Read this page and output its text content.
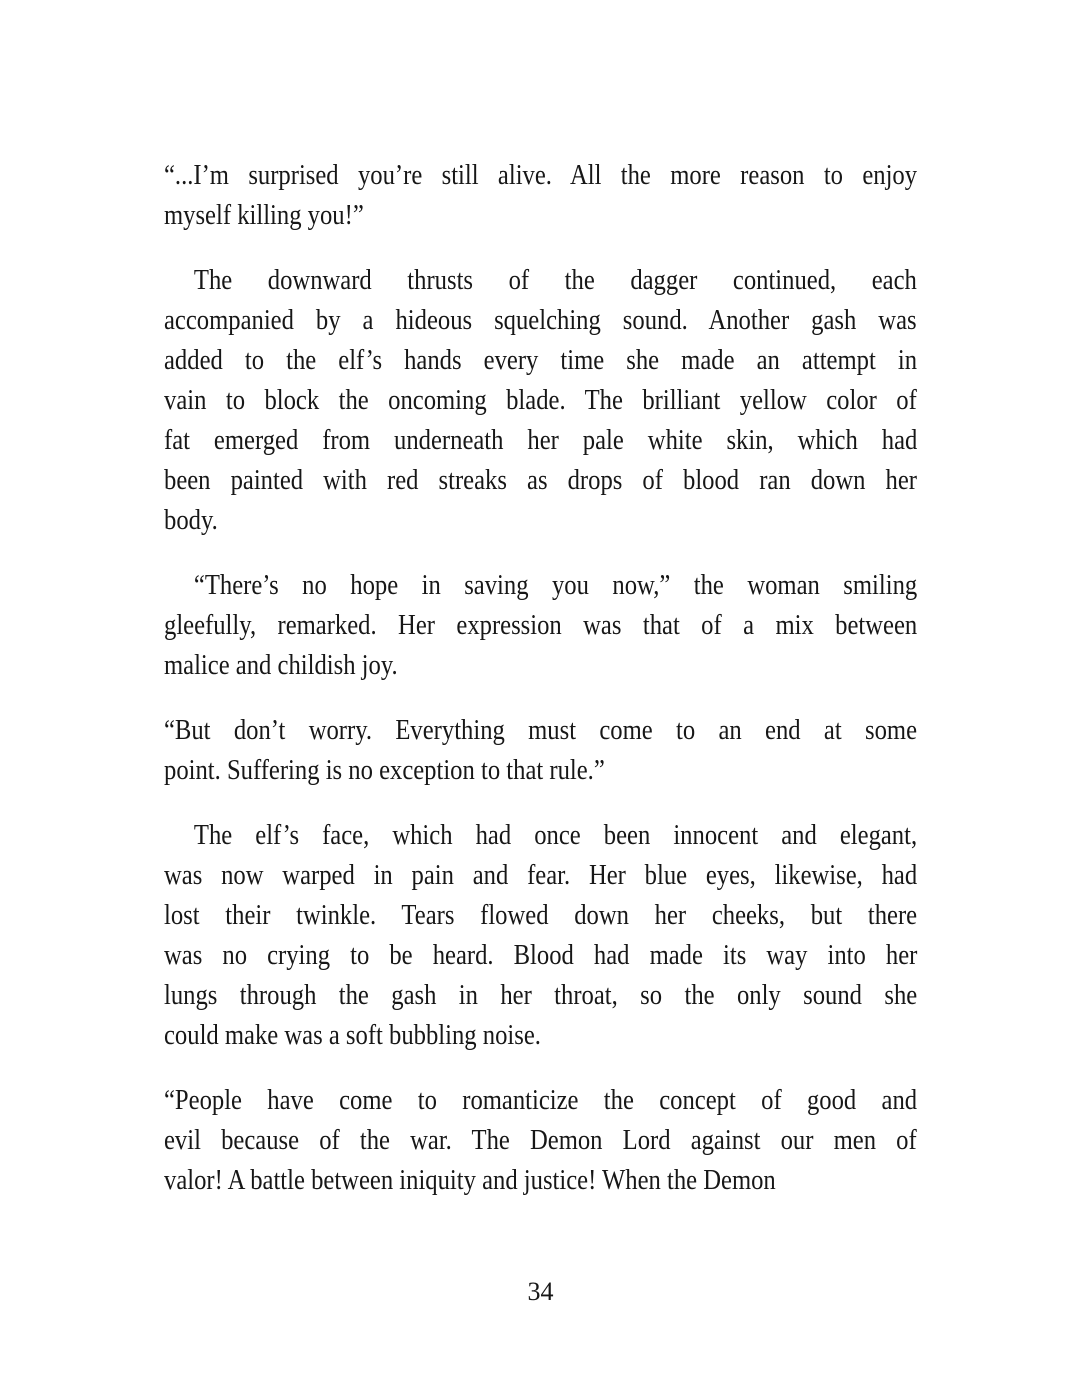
“...I’m surprised you’re still alive. All the more reason to enjoy
myself killing you!”
The downward thrusts of the dagger continued, each
accompanied by a hideous squelching sound. Another gash was
added to the elf’s hands every time she made an attempt in
vain to block the oncoming blade. The brilliant yellow color of
fat emerged from underneath her pale white skin, which had
been painted with red streaks as drops of blood ran down her
body.
“There’s no hope in saving you now,” the woman smiling
gleefully, remarked. Her expression was that of a mix between
malice and childish joy.
“But don’t worry. Everything must come to an end at some
point. Suffering is no exception to that rule.”
The elf’s face, which had once been innocent and elegant,
was now warped in pain and fear. Her blue eyes, likewise, had
lost their twinkle. Tears flowed down her cheeks, but there
was no crying to be heard. Blood had made its way into her
lungs through the gash in her throat, so the only sound she
could make was a soft bubbling noise.
“People have come to romanticize the concept of good and
evil because of the war. The Demon Lord against our men of
valor! A battle between iniquity and justice! When the Demon
34
